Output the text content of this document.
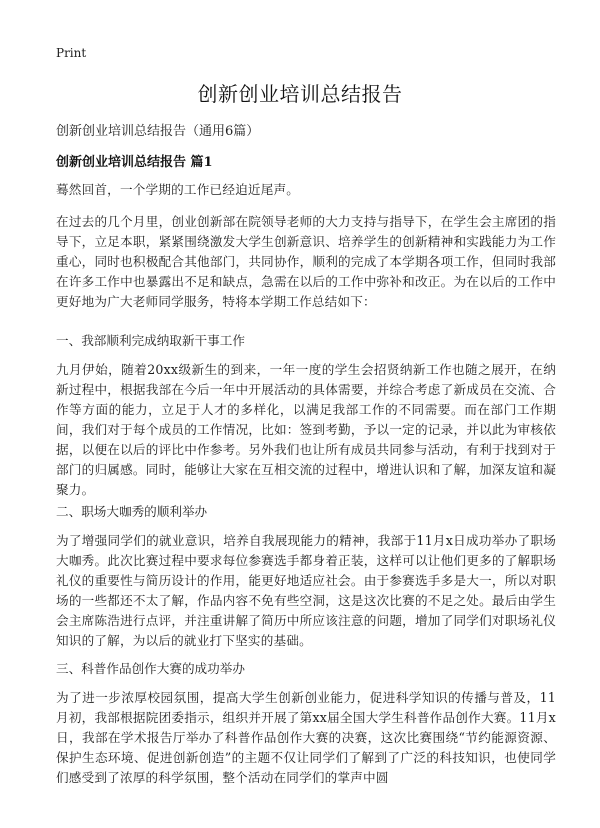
Print
创新创业培训总结报告
创新创业培训总结报告（通用6篇）
创新创业培训总结报告 篇1
蓦然回首，一个学期的工作已经迫近尾声。
在过去的几个月里，创业创新部在院领导老师的大力支持与指导下，在学生会主席团的指导下，立足本职，紧紧围绕激发大学生创新意识、培养学生的创新精神和实践能力为工作重心，同时也积极配合其他部门，共同协作，顺利的完成了本学期各项工作，但同时我部在许多工作中也暴露出不足和缺点，急需在以后的工作中弥补和改正。为在以后的工作中更好地为广大老师同学服务，特将本学期工作总结如下：
一、我部顺利完成纳取新干事工作
九月伊始，随着20xx级新生的到来，一年一度的学生会招贤纳新工作也随之展开，在纳新过程中，根据我部在今后一年中开展活动的具体需要，并综合考虑了新成员在交流、合作等方面的能力，立足于人才的多样化，以满足我部工作的不同需要。而在部门工作期间，我们对于每个成员的工作情况，比如：签到考勤，予以一定的记录，并以此为审核依据，以便在以后的评比中作参考。另外我们也让所有成员共同参与活动，有利于找到对于部门的归属感。同时，能够让大家在互相交流的过程中，增进认识和了解，加深友谊和凝聚力。
二、职场大咖秀的顺利举办
为了增强同学们的就业意识，培养自我展现能力的精神，我部于11月x日成功举办了职场大咖秀。此次比赛过程中要求每位参赛选手都身着正装，这样可以让他们更多的了解职场礼仪的重要性与简历设计的作用，能更好地适应社会。由于参赛选手多是大一，所以对职场的一些都还不太了解，作品内容不免有些空洞，这是这次比赛的不足之处。最后由学生会主席陈浩进行点评，并注重讲解了简历中所应该注意的问题，增加了同学们对职场礼仪知识的了解，为以后的就业打下坚实的基础。
三、科普作品创作大赛的成功举办
为了进一步浓厚校园氛围，提高大学生创新创业能力，促进科学知识的传播与普及，11月初，我部根据院团委指示，组织并开展了第xx届全国大学生科普作品创作大赛。11月x日，我部在学术报告厅举办了科普作品创作大赛的决赛，这次比赛围绕“节约能源资源、保护生态环境、促进创新创造”的主题不仅让同学们了解到了广泛的科技知识，也使同学们感受到了浓厚的科学氛围，整个活动在同学们的掌声中圆
